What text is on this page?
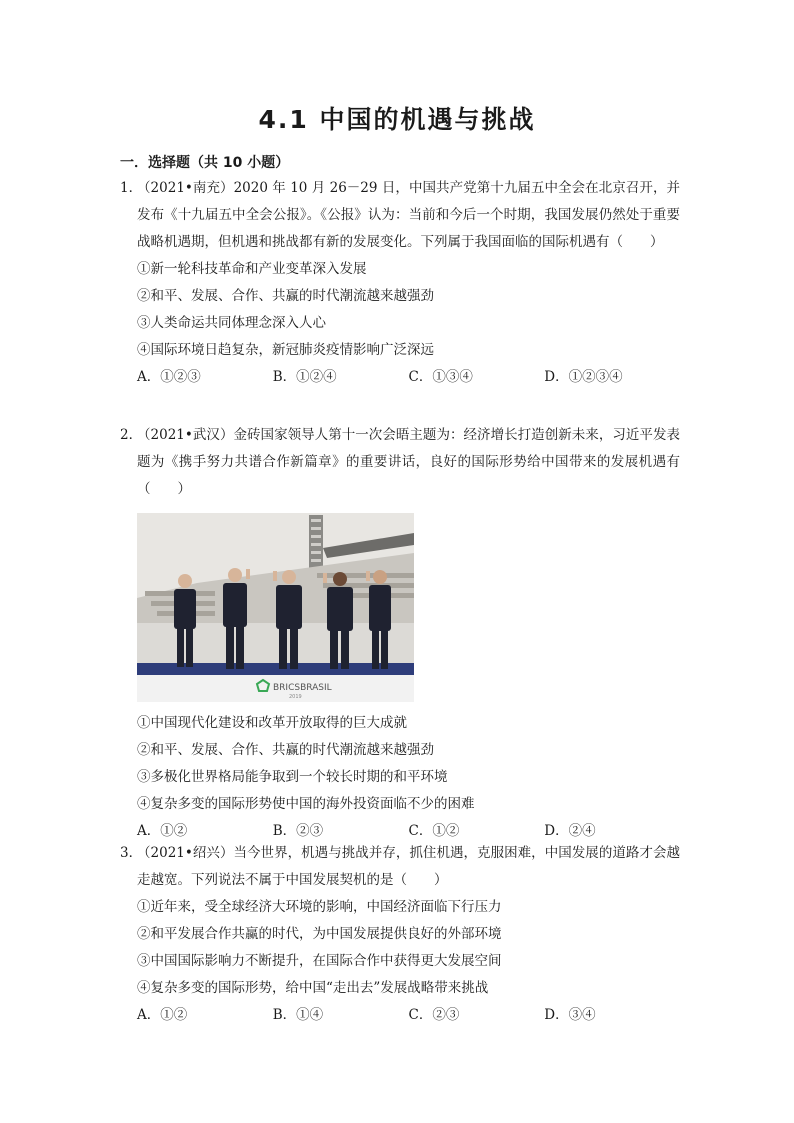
4.1 中国的机遇与挑战
一．选择题（共 10 小题）
1．
（2021•南充）2020 年 10 月 26－29 日，中国共产党第十九届五中全会在北京召开，并发布《十九届五中全会公报》。《公报》认为：当前和今后一个时期，我国发展仍然处于重要战略机遇期，但机遇和挑战都有新的发展变化。下列属于我国面临的国际机遇有（　　）
①新一轮科技革命和产业变革深入发展
②和平、发展、合作、共赢的时代潮流越来越强劲
③人类命运共同体理念深入人心
④国际环境日趋复杂，新冠肺炎疫情影响广泛深远
A．①②③	B．①②④	C．①③④	D．①②③④
2．
（2021•武汉）金砖国家领导人第十一次会晤主题为：经济增长打造创新未来，习近平发表题为《携手努力共谱合作新篇章》的重要讲话，良好的国际形势给中国带来的发展机遇有（　　）
BRICSBRASIL
2019
①中国现代化建设和改革开放取得的巨大成就
②和平、发展、合作、共赢的时代潮流越来越强劲
③多极化世界格局能争取到一个较长时期的和平环境
④复杂多变的国际形势使中国的海外投资面临不少的困难
A．①②	B．②③	C．①②	D．②④
3．
（2021•绍兴）当今世界，机遇与挑战并存，抓住机遇，克服困难，中国发展的道路才会越走越宽。下列说法不属于中国发展契机的是（　　）
①近年来，受全球经济大环境的影响，中国经济面临下行压力
②和平发展合作共赢的时代，为中国发展提供良好的外部环境
③中国国际影响力不断提升，在国际合作中获得更大发展空间
④复杂多变的国际形势，给中国“走出去”发展战略带来挑战
A．①②	B．①④	C．②③	D．③④
